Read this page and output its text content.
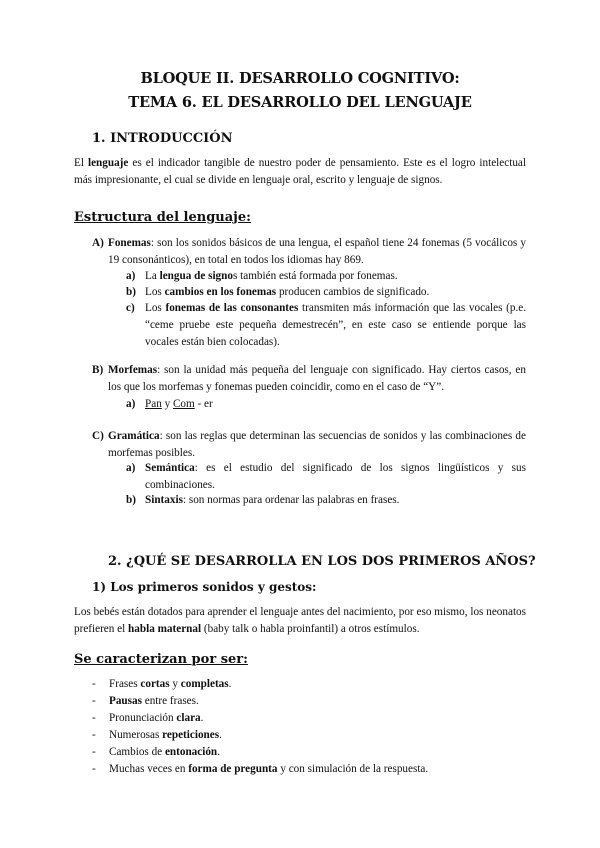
BLOQUE II. DESARROLLO COGNITIVO:
TEMA 6. EL DESARROLLO DEL LENGUAJE
1. INTRODUCCIÓN
El lenguaje es el indicador tangible de nuestro poder de pensamiento. Este es el logro intelectual más impresionante, el cual se divide en lenguaje oral, escrito y lenguaje de signos.
Estructura del lenguaje:
A) Fonemas: son los sonidos básicos de una lengua, el español tiene 24 fonemas (5 vocálicos y 19 consonánticos), en total en todos los idiomas hay 869.
a) La lengua de signos también está formada por fonemas.
b) Los cambios en los fonemas producen cambios de significado.
c) Los fonemas de las consonantes transmiten más información que las vocales (p.e. “ceme pruebe este pequeña demestrecén”, en este caso se entiende porque las vocales están bien colocadas).
B) Morfemas: son la unidad más pequeña del lenguaje con significado. Hay ciertos casos, en los que los morfemas y fonemas pueden coincidir, como en el caso de “Y”.
a) Pan y Com - er
C) Gramática: son las reglas que determinan las secuencias de sonidos y las combinaciones de morfemas posibles.
a) Semántica: es el estudio del significado de los signos lingüísticos y sus combinaciones.
b) Sintaxis: son normas para ordenar las palabras en frases.
2. ¿QUÉ SE DESARROLLA EN LOS DOS PRIMEROS AÑOS?
1) Los primeros sonidos y gestos:
Los bebés están dotados para aprender el lenguaje antes del nacimiento, por eso mismo, los neonatos prefieren el habla maternal (baby talk o habla proinfantil) a otros estímulos.
Se caracterizan por ser:
- Frases cortas y completas.
- Pausas entre frases.
- Pronunciación clara.
- Numerosas repeticiones.
- Cambios de entonación.
- Muchas veces en forma de pregunta y con simulación de la respuesta.
